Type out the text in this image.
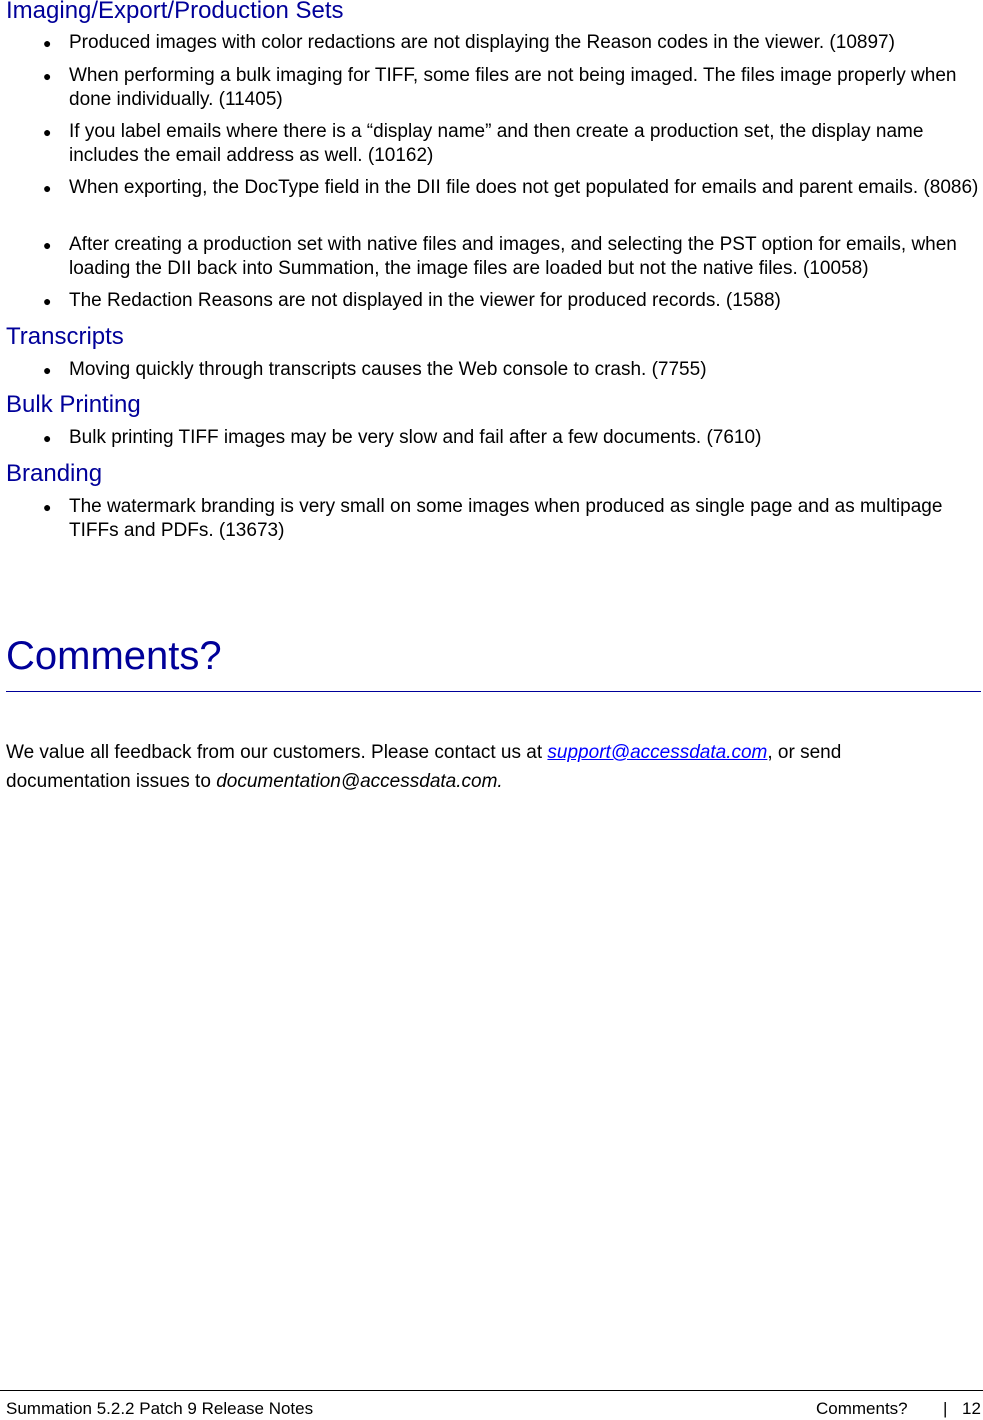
Imaging/Export/Production Sets
● Produced images with color redactions are not displaying the Reason codes in the viewer. (10897)
● When performing a bulk imaging for TIFF, some files are not being imaged. The files image properly when done individually. (11405)
● If you label emails where there is a “display name” and then create a production set, the display name includes the email address as well. (10162)
● When exporting, the DocType field in the DII file does not get populated for emails and parent emails. (8086)
● After creating a production set with native files and images, and selecting the PST option for emails, when loading the DII back into Summation, the image files are loaded but not the native files. (10058)
● The Redaction Reasons are not displayed in the viewer for produced records. (1588)
Transcripts
● Moving quickly through transcripts causes the Web console to crash. (7755)
Bulk Printing
● Bulk printing TIFF images may be very slow and fail after a few documents. (7610)
Branding
● The watermark branding is very small on some images when produced as single page and as multipage TIFFs and PDFs. (13673)
Comments?
We value all feedback from our customers. Please contact us at support@accessdata.com, or send documentation issues to documentation@accessdata.com.
Summation 5.2.2 Patch 9 Release Notes	Comments? | 12
